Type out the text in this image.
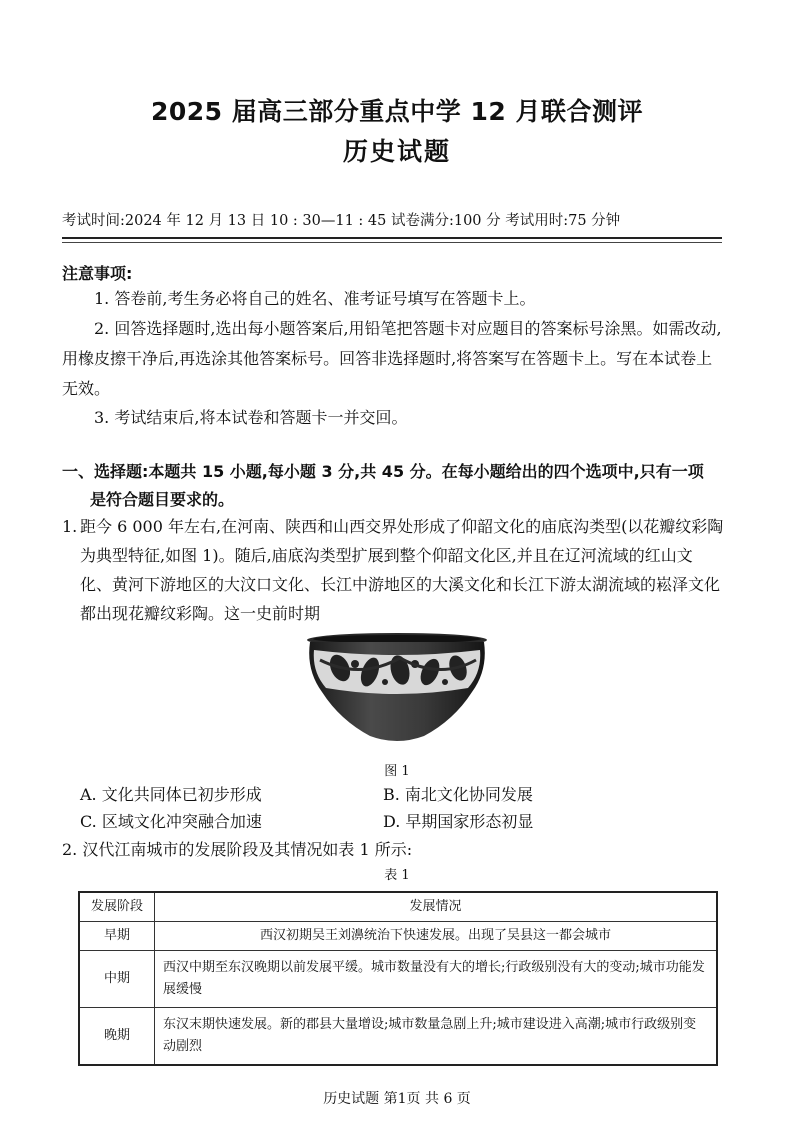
2025 届高三部分重点中学 12 月联合测评
历史试题
考试时间:2024 年 12 月 13 日 10 : 30—11 : 45 试卷满分:100 分 考试用时:75 分钟
注意事项:
1. 答卷前,考生务必将自己的姓名、准考证号填写在答题卡上。
2. 回答选择题时,选出每小题答案后,用铅笔把答题卡对应题目的答案标号涂黑。如需改动,用橡皮擦干净后,再选涂其他答案标号。回答非选择题时,将答案写在答题卡上。写在本试卷上无效。
3. 考试结束后,将本试卷和答题卡一并交回。
一、选择题:本题共 15 小题,每小题 3 分,共 45 分。在每小题给出的四个选项中,只有一项
是符合题目要求的。
1. 距今 6 000 年左右,在河南、陕西和山西交界处形成了仰韶文化的庙底沟类型(以花瓣纹彩陶为典型特征,如图 1)。随后,庙底沟类型扩展到整个仰韶文化区,并且在辽河流域的红山文化、黄河下游地区的大汶口文化、长江中游地区的大溪文化和长江下游太湖流域的崧泽文化都出现花瓣纹彩陶。这一史前时期
图 1
A. 文化共同体已初步形成	B. 南北文化协同发展
C. 区域文化冲突融合加速	D. 早期国家形态初显
2. 汉代江南城市的发展阶段及其情况如表 1 所示:
表 1
发展阶段	发展情况
早期	西汉初期吴王刘濞统治下快速发展。出现了吴县这一都会城市
中期	西汉中期至东汉晚期以前发展平缓。城市数量没有大的增长;行政级别没有大的变动;城市功能发展缓慢
晚期	东汉末期快速发展。新的郡县大量增设;城市数量急剧上升;城市建设进入高潮;城市行政级别变动剧烈
历史试题 第1页 共 6 页
